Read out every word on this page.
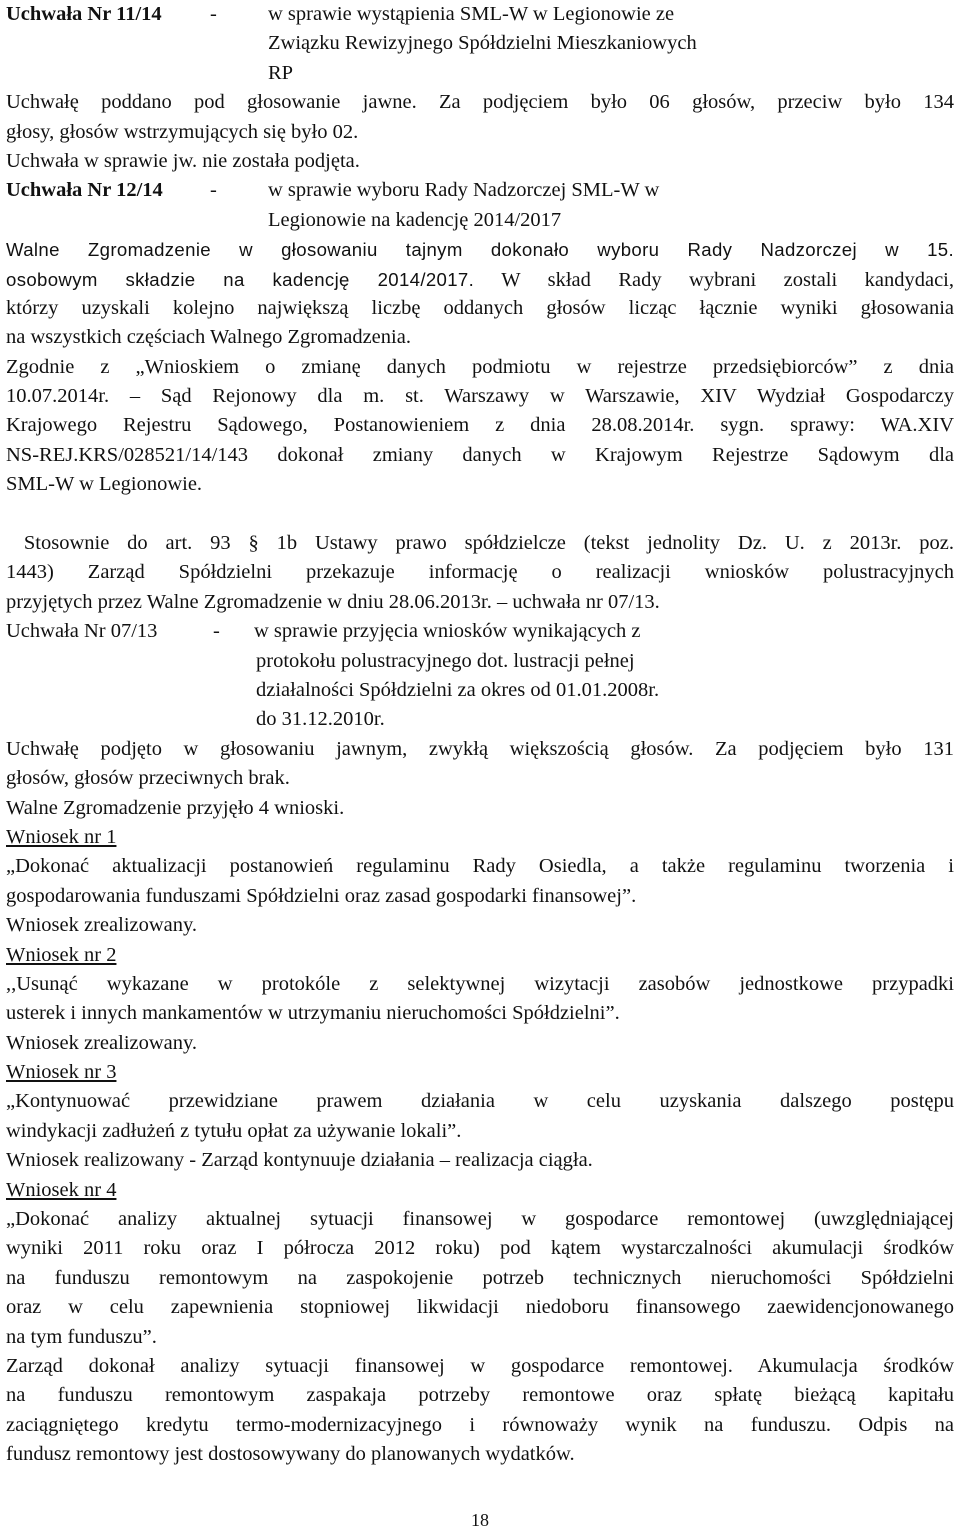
Uchwała Nr 11/14	- w sprawie wystąpienia SML-W w Legionowie ze
Związku Rewizyjnego Spółdzielni Mieszkaniowych
RP
Uchwałę poddano pod głosowanie jawne. Za podjęciem było 06 głosów, przeciw było 134
głosy, głosów wstrzymujących się było 02.
Uchwała w sprawie jw. nie została podjęta.
Uchwała Nr 12/14	- w sprawie wyboru Rady Nadzorczej SML-W w
Legionowie na kadencję 2014/2017
Walne Zgromadzenie w głosowaniu tajnym dokonało wyboru Rady Nadzorczej w 15.
osobowym składzie na kadencję 2014/2017. W skład Rady wybrani zostali kandydaci,
którzy uzyskali kolejno największą liczbę oddanych głosów licząc łącznie wyniki głosowania
na wszystkich częściach Walnego Zgromadzenia.
Zgodnie z „Wnioskiem o zmianę danych podmiotu w rejestrze przedsiębiorców” z dnia
10.07.2014r. – Sąd Rejonowy dla m. st. Warszawy w Warszawie, XIV Wydział Gospodarczy
Krajowego Rejestru Sądowego, Postanowieniem z dnia 28.08.2014r. sygn. sprawy: WA.XIV
NS-REJ.KRS/028521/14/143 dokonał zmiany danych w Krajowym Rejestrze Sądowym dla
SML-W w Legionowie.
Stosownie do art. 93 § 1b Ustawy prawo spółdzielcze (tekst jednolity Dz. U. z 2013r. poz.
1443) Zarząd Spółdzielni przekazuje informację o realizacji wniosków polustracyjnych
przyjętych przez Walne Zgromadzenie w dniu 28.06.2013r. – uchwała nr 07/13.
Uchwała Nr 07/13	- w sprawie przyjęcia wniosków wynikających z
protokołu polustracyjnego dot. lustracji pełnej
działalności Spółdzielni za okres od 01.01.2008r.
do 31.12.2010r.
Uchwałę podjęto w głosowaniu jawnym, zwykłą większością głosów. Za podjęciem było 131
głosów, głosów przeciwnych brak.
Walne Zgromadzenie przyjęło 4 wnioski.
Wniosek nr 1
„Dokonać aktualizacji postanowień regulaminu Rady Osiedla, a także regulaminu tworzenia i
gospodarowania funduszami Spółdzielni oraz zasad gospodarki finansowej”.
Wniosek zrealizowany.
Wniosek nr 2
,,Usunąć wykazane w protokóle z selektywnej wizytacji zasobów jednostkowe przypadki
usterek i innych mankamentów w utrzymaniu nieruchomości Spółdzielni”.
Wniosek zrealizowany.
Wniosek nr 3
„Kontynuować przewidziane prawem działania w celu uzyskania dalszego postępu
windykacji zadłużeń z tytułu opłat za używanie lokali”.
Wniosek realizowany - Zarząd kontynuuje działania – realizacja ciągła.
Wniosek nr 4
„Dokonać analizy aktualnej sytuacji finansowej w gospodarce remontowej (uwzględniającej
wyniki 2011 roku oraz I półrocza 2012 roku) pod kątem wystarczalności akumulacji środków
na funduszu remontowym na zaspokojenie potrzeb technicznych nieruchomości Spółdzielni
oraz w celu zapewnienia stopniowej likwidacji niedoboru finansowego zaewidencjonowanego
na tym funduszu”.
Zarząd dokonał analizy sytuacji finansowej w gospodarce remontowej. Akumulacja środków
na funduszu remontowym zaspakaja potrzeby remontowe oraz spłatę bieżącą kapitału
zaciągniętego kredytu termo-modernizacyjnego i równoważy wynik na funduszu. Odpis na
fundusz remontowy jest dostosowywany do planowanych wydatków.
18
